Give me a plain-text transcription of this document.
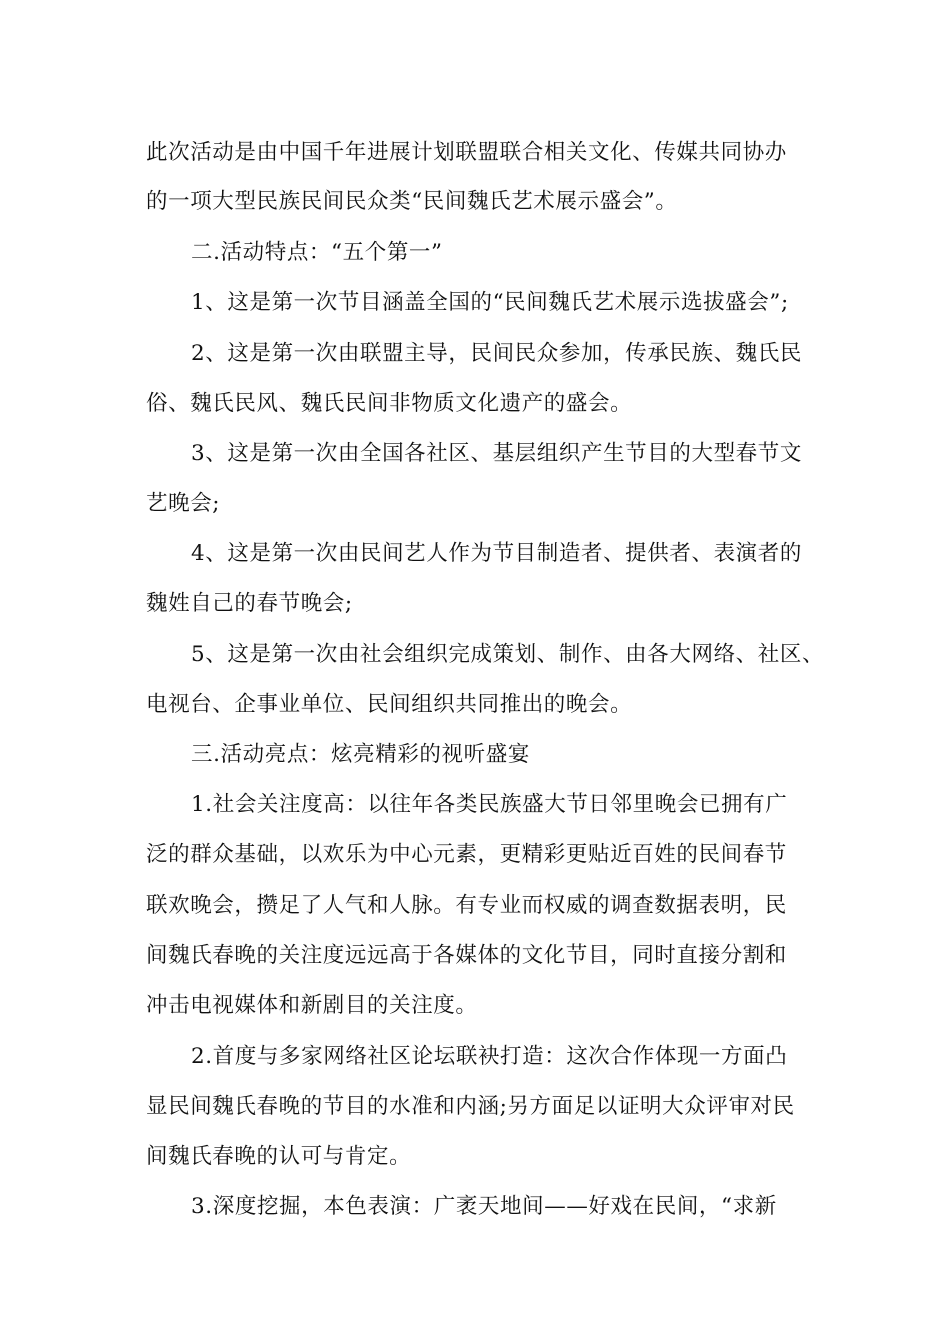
此次活动是由中国千年进展计划联盟联合相关文化、传媒共同协办

的一项大型民族民间民众类“民间魏氏艺术展示盛会”。

二.活动特点：“五个第一”

1、这是第一次节目涵盖全国的“民间魏氏艺术展示选拔盛会”;

2、这是第一次由联盟主导，民间民众参加，传承民族、魏氏民

俗、魏氏民风、魏氏民间非物质文化遗产的盛会。

3、这是第一次由全国各社区、基层组织产生节目的大型春节文

艺晚会;

4、这是第一次由民间艺人作为节目制造者、提供者、表演者的

魏姓自己的春节晚会;

5、这是第一次由社会组织完成策划、制作、由各大网络、社区、

电视台、企事业单位、民间组织共同推出的晚会。

三.活动亮点：炫亮精彩的视听盛宴

1.社会关注度高：以往年各类民族盛大节日邻里晚会已拥有广

泛的群众基础，以欢乐为中心元素，更精彩更贴近百姓的民间春节

联欢晚会，攒足了人气和人脉。有专业而权威的调查数据表明，民

间魏氏春晚的关注度远远高于各媒体的文化节目，同时直接分割和

冲击电视媒体和新剧目的关注度。

2.首度与多家网络社区论坛联袂打造：这次合作体现一方面凸

显民间魏氏春晚的节目的水准和内涵;另方面足以证明大众评审对民

间魏氏春晚的认可与肯定。

3.深度挖掘，本色表演：广袤天地间——好戏在民间，“求新
